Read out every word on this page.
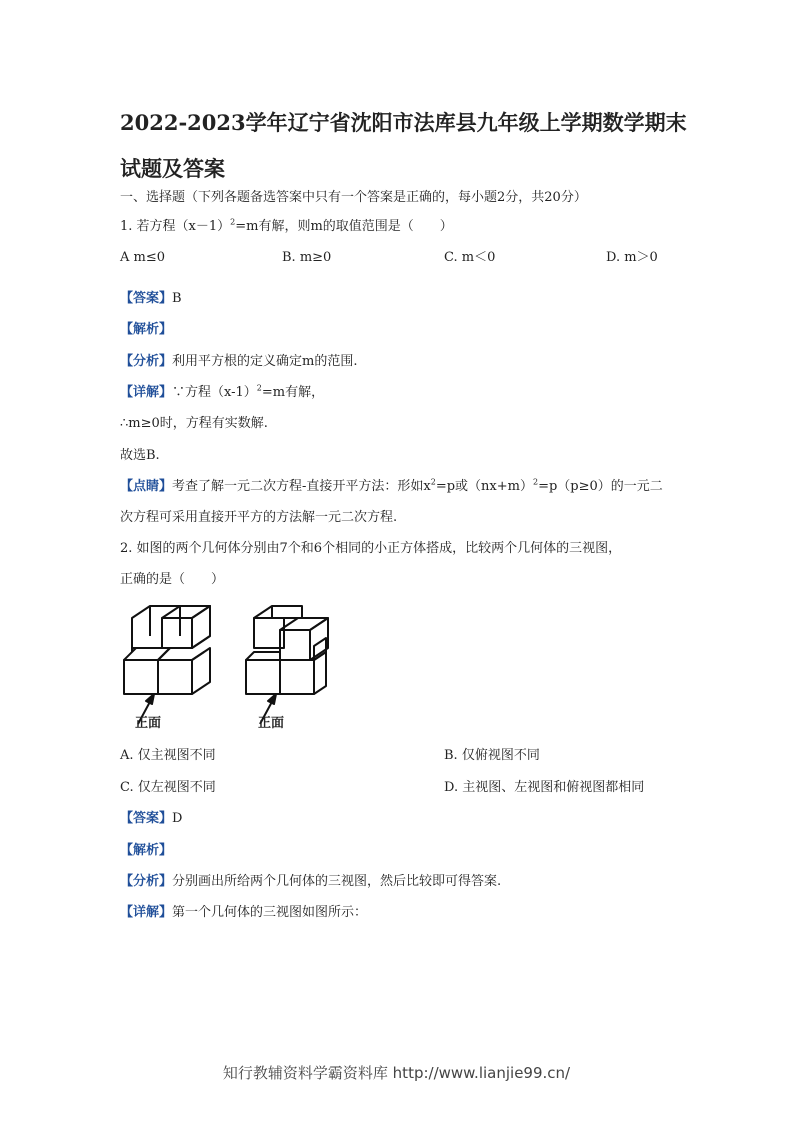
2022-2023学年辽宁省沈阳市法库县九年级上学期数学期末试题及答案
一、选择题（下列各题备选答案中只有一个答案是正确的，每小题2分，共20分）
1. 若方程$(x-1)^2=m$有解，则m的取值范围是（　　）
A m≤0	B. m≥0	C. m＜0	D. m＞0
【答案】B
【解析】
【分析】利用平方根的定义确定m的范围.
【详解】∵方程$(x-1)^2=m$有解，
∴m≥0时，方程有实数解.
故选B.
【点睛】考查了解一元二次方程-直接开平方法：形如$x^2=p$或$(nx+m)^2=p(p\ge 0)$的一元二
次方程可采用直接开平方的方法解一元二次方程.
2. 如图的两个几何体分别由7个和6个相同的小正方体搭成，比较两个几何体的三视图，
正确的是（　　）
正面	正面
A. 仅主视图不同	B. 仅俯视图不同
C. 仅左视图不同	D. 主视图、左视图和俯视图都相同
【答案】D
【解析】
【分析】分别画出所给两个几何体的三视图，然后比较即可得答案.
【详解】第一个几何体的三视图如图所示：
知行教辅资料学霸资料库 http://www.lianjie99.cn/
